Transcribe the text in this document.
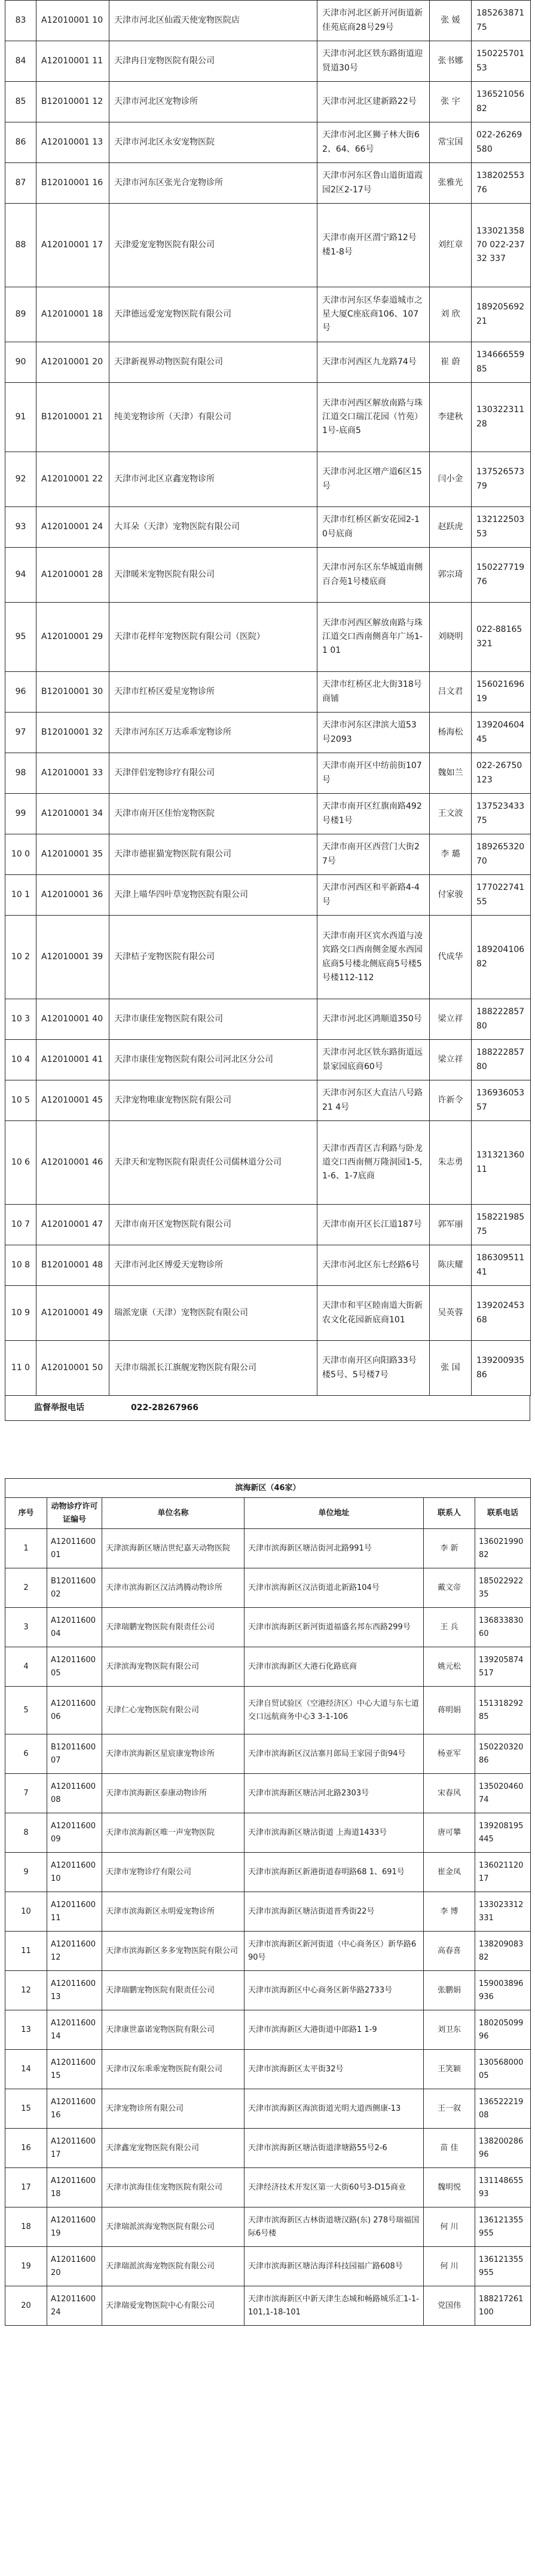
83	A12010001 10	天津市河北区仙霞天使宠物医院店	天津市河北区新开河街道新佳苑底商28号29号	张 媛	185263871 75
84	A12010001 11	天津冉日宠物医院有限公司	天津市河北区铁东路街道迎贤道30号	张书娜	150225701 53
85	B12010001 12	天津市河北区宠物诊所	天津市河北区建新路22号	张 宇	136521056 82
86	A12010001 13	天津市河北区永安宠物医院	天津市河北区狮子林大街62、64、66号	常宝国	022-26269 580
87	B12010001 16	天津市河东区张光合宠物诊所	天津市河东区鲁山道街道霞园2区2-17号	张雅光	138202553 76
88	A12010001 17	天津爱宠宠物医院有限公司	天津市南开区渭宁路12号楼1-8号	刘红章	133021358 70 022-23732 337
89	A12010001 18	天津德远爱宠宠物医院有限公司	天津市河东区华泰道城市之星大厦C座底商106、107号	刘 欣	189205692 21
90	A12010001 20	天津新视界动物医院有限公司	天津市河西区九龙路74号	崔 蔚	134666559 85
91	B12010001 21	纯美宠物诊所（天津）有限公司	天津市河西区解放南路与珠江道交口瑞江花园（竹苑）1号-底商5	李建秋	130322311 28
92	A12010001 22	天津市河北区京鑫宠物诊所	天津市河北区增产道6区15号	闫小金	137526573 79
93	A12010001 24	大耳朵（天津）宠物医院有限公司	天津市红桥区新安花园2-10号底商	赵跃虎	132122503 53
94	A12010001 28	天津暖米宠物医院有限公司	天津市河东区东华城道南侧百合苑1号楼底商	郭宗琦	150227719 76
95	A12010001 29	天津市花样年宠物医院有限公司（医院）	天津市河西区解放南路与珠江道交口西南侧喜年广场1-1 01	刘晓明	022-88165 321
96	B12010001 30	天津市红桥区爱星宠物诊所	天津市红桥区北大街318号商铺	吕文君	156021696 19
97	B12010001 32	天津市河东区万达乖乖宠物诊所	天津市河东区津滨大道53号2093	杨海松	139204604 45
98	A12010001 33	天津伴侣宠物诊疗有限公司	天津市南开区中纺前街107号	魏如兰	022-26750 123
99	A12010001 34	天津市南开区佳怡宠物医院	天津市南开区红旗南路492号楼1号	王文波	137523433 75
10 0	A12010001 35	天津市德崔猫宠物医院有限公司	天津市南开区西营门大街27号	李 璐	189265320 70
10 1	A12010001 36	天津上喵华四叶草宠物医院有限公司	天津市河西区和平新路4-4号	付家骏	177022741 55
10 2	A12010001 39	天津桔子宠物医院有限公司	天津市南开区宾水西道与凌宾路交口西南侧金厦水西园底商5号楼北侧底商5号楼5号楼112-112	代成华	189204106 82
10 3	A12010001 40	天津市康佳宠物医院有限公司	天津市河北区鸿顺道350号	梁立祥	188222857 80
10 4	A12010001 41	天津市康佳宠物医院有限公司河北区分公司	天津市河北区铁东路街道远景家园底商60号	梁立祥	188222857 80
10 5	A12010001 45	天津宠物唯康宠物医院有限公司	天津市河东区大直沽八号路21 4号	许新令	136936053 57
10 6	A12010001 46	天津天和宠物医院有限责任公司儒林道分公司	天津市西青区吉利路与卧龙道交口西南侧万隆洞园1-5,1-6、1-7底商	朱志勇	131321360 11
10 7	A12010001 47	天津市南开区宠物医院有限公司	天津市南开区长江道187号	郭军丽	158221985 75
10 8	B12010001 48	天津市河北区博爱天宠物诊所	天津市河北区东七经路6号	陈庆耀	186309511 41
10 9	A12010001 49	瑞派宠康（天津）宠物医院有限公司	天津市和平区睦南道大街新农文化花园新底商101	吴英蓉	139202453 68
11 0	A12010001 50	天津市瑞派长江旗舰宠物医院有限公司	天津市南开区向阳路33号楼5号、5号楼7号	张 国	139200935 86
监督举报电话	022-28267966
滨海新区（46家）					
序号	动物诊疗许可证编号	单位名称	单位地址	联系人	联系电话
1	A12011600 01	天津滨海新区塘沽世纪嘉天动物医院	天津市滨海新区塘沽街河北路991号	李 新	136021990 82
2	B12011600 02	天津市滨海新区汉沽鸿腾动物诊所	天津市滨海新区汉沽街道北新路104号	戴文帝	185022922 35
3	A12011600 04	天津瑞鹏宠物医院有限责任公司	天津市滨海新区新河街道福盛名邦东西路299号	王 兵	136833830 60
4	A12011600 05	天津滨海宠物医院有限公司	天津市滨海新区大港石化路底商	姚元松	139205874 517
5	A12011600 06	天津仁心宠物医院有限公司	天津自贸试验区（空港经济区）中心大道与东七道交口远航商务中心3 3-1-106	蒋明娟	151318292 85
6	B12011600 07	天津市滨海新区星宸康宠物诊所	天津市滨海新区汉沽寨月郎局王家园子街94号	杨亚军	150220320 86
7	A12011600 08	天津市滨海新区泰康动物诊所	天津市滨海新区塘沽河北路2303号	宋春风	135020460 74
8	A12011600 09	天津市滨海新区唯一声宠物医院	天津市滨海新区塘沽街道 上海道1433号	唐可攀	139208195 445
9	A12011600 10	天津市宠物诊疗有限公司	天津市滨海新区新港街道春明路68 1、691号	崔金凤	136021120 17
10	A12011600 11	天津市滨海新区永明爱宠物诊所	天津市滨海新区塘沽街道晋秀街22号	李 博	133023312 331
11	A12011600 12	天津市滨海新区多多宠物医院有限公司	天津市滨海新区新河街道（中心商务区）新华路690号	高春喜	138209083 82
12	A12011600 13	天津瑞鹏宠物医院有限责任公司	天津市滨海新区中心商务区新华路2733号	张鹏娟	159003896 936
13	A12011600 14	天津康世嘉诺宠物医院有限公司	天津市滨海新区大港街道中郎路1 1-9	刘卫东	180205099 96
14	A12011600 15	天津市汉东乖乖宠物医院有限公司	天津市滨海新区太平街32号	王笑颖	130568000 05
15	A12011600 16	天津宠物诊所有限公司	天津市滨海新区海滨街道光明大道西侧康-13	王一叙	136522219 08
16	A12011600 17	天津鑫宠宠物医院有限公司	天津市滨海新区塘沽街道津塘路55号2-6	苗 佳	138200286 96
17	A12011600 18	天津市滨海佳佳宠物医院有限公司	天津经济技术开发区第一大街60号3-D15商业	魏明悦	131148655 93
18	A12011600 19	天津瑞派滨海宠物医院有限公司	天津市滨海新区古林街道塘汉路(东) 278号瑞福国际6号楼	何 川	136121355 955
19	A12011600 20	天津瑞派滨海宠物医院有限公司	天津市滨海新区塘沽海洋科技园福广路608号	何 川	136121355 955
20	A12011600 24	天津瑞爱宠物医院中心有限公司	天津市滨海新区中新天津生态城和畅路城乐汇1-1-101,1-18-101	党国伟	188217261 100
